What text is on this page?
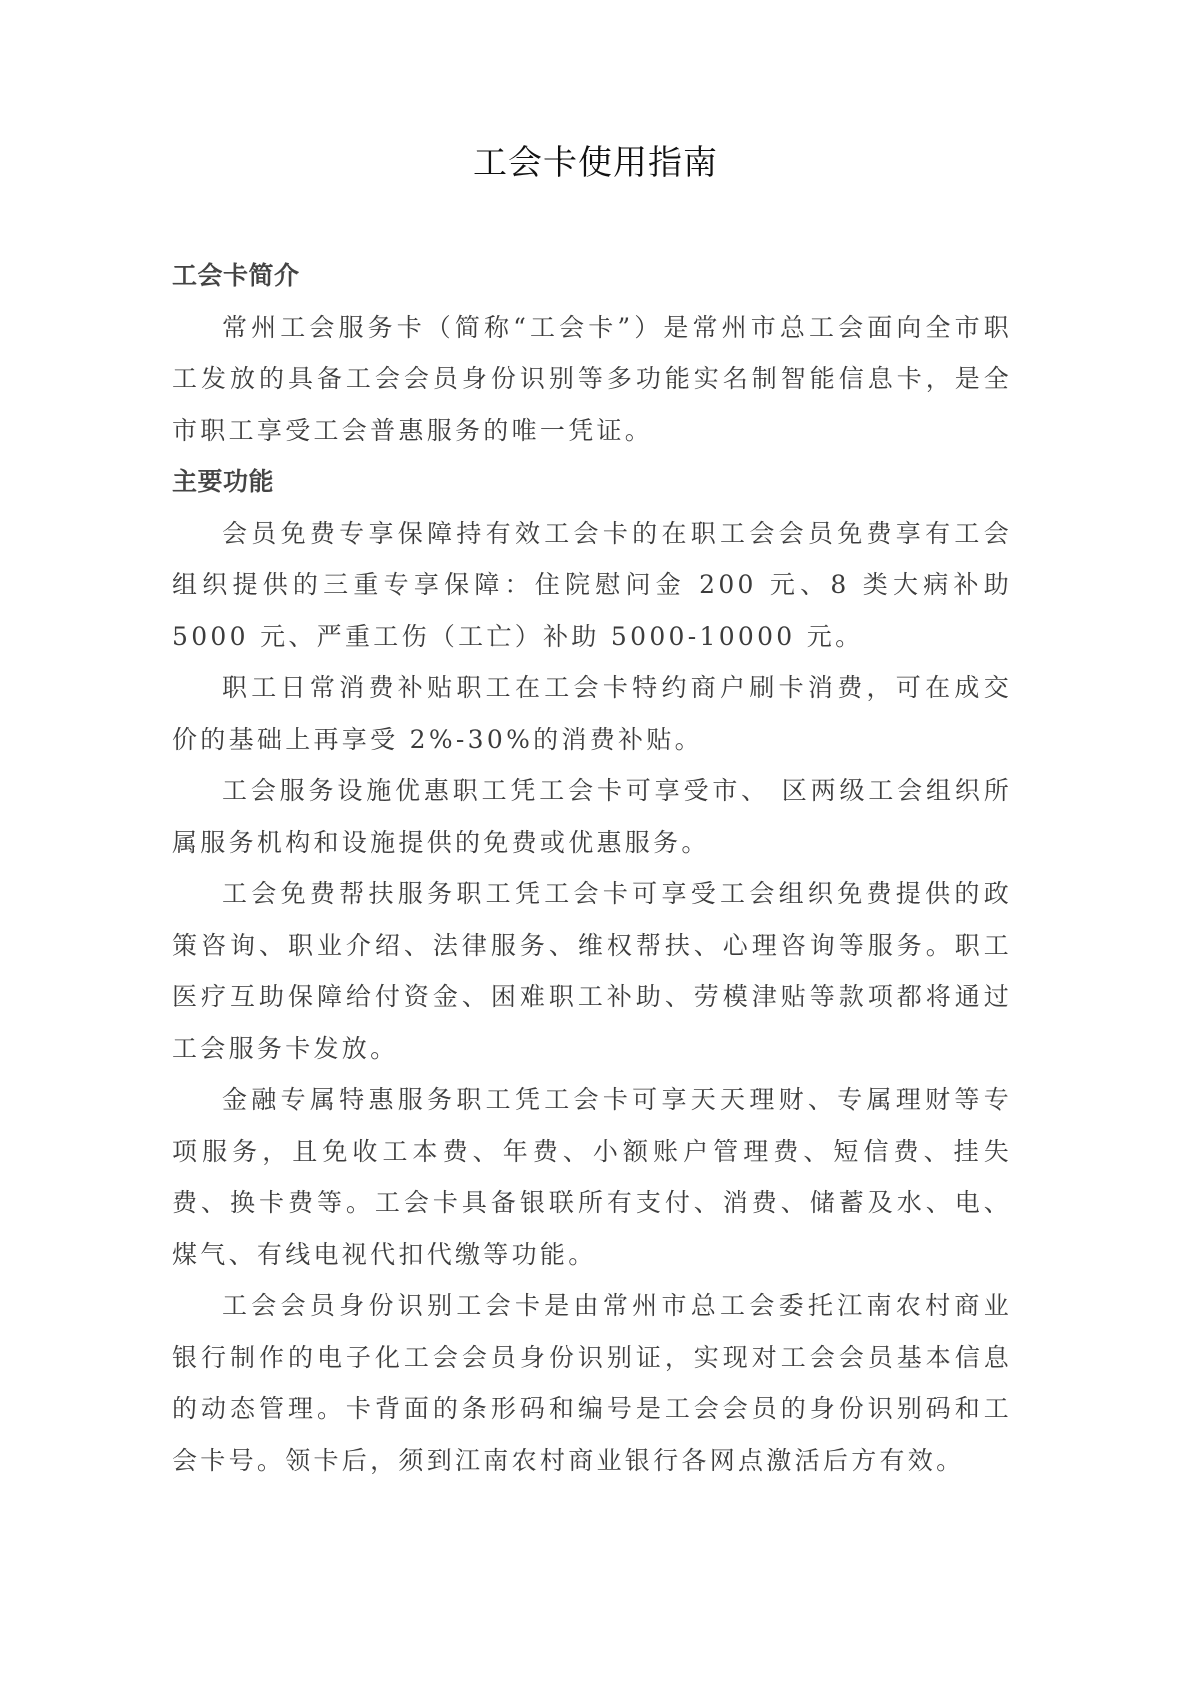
工会卡使用指南
工会卡简介

常州工会服务卡（简称“工会卡”）是常州市总工会面向全市职工发放的具备工会会员身份识别等多功能实名制智能信息卡，是全市职工享受工会普惠服务的唯一凭证。

主要功能

会员免费专享保障持有效工会卡的在职工会会员免费享有工会组织提供的三重专享保障：住院慰问金 200 元、8 类大病补助 5000 元、严重工伤（工亡）补助 5000-10000 元。

职工日常消费补贴职工在工会卡特约商户刷卡消费，可在成交价的基础上再享受 2%-30%的消费补贴。

工会服务设施优惠职工凭工会卡可享受市、 区两级工会组织所属服务机构和设施提供的免费或优惠服务。

工会免费帮扶服务职工凭工会卡可享受工会组织免费提供的政策咨询、职业介绍、法律服务、维权帮扶、心理咨询等服务。职工医疗互助保障给付资金、困难职工补助、劳模津贴等款项都将通过工会服务卡发放。

金融专属特惠服务职工凭工会卡可享天天理财、专属理财等专项服务，且免收工本费、年费、小额账户管理费、短信费、挂失费、换卡费等。工会卡具备银联所有支付、消费、储蓄及水、电、煤气、有线电视代扣代缴等功能。

工会会员身份识别工会卡是由常州市总工会委托江南农村商业银行制作的电子化工会会员身份识别证，实现对工会会员基本信息的动态管理。卡背面的条形码和编号是工会会员的身份识别码和工会卡号。领卡后，须到江南农村商业银行各网点激活后方有效。
